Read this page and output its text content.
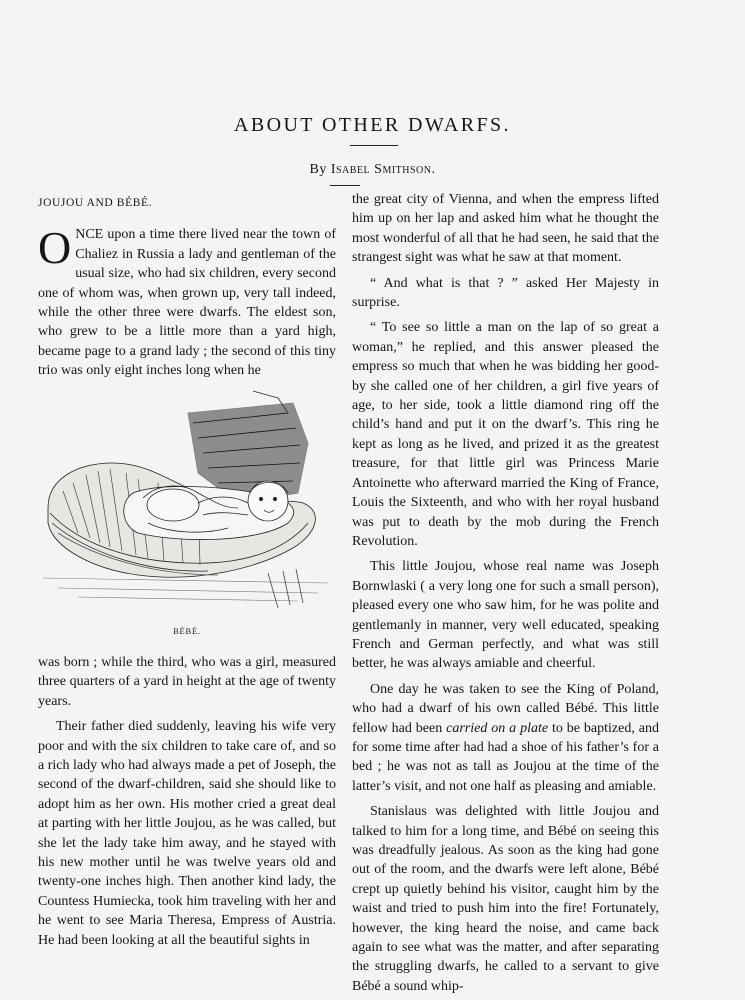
ABOUT OTHER DWARFS.
By Isabel Smithson.

JOUJOU AND BÉBÉ.

ONCE upon a time there lived near the town of Chaliez in Russia a lady and gentleman of the usual size, who had six children, every second one of whom was, when grown up, very tall indeed, while the other three were dwarfs. The eldest son, who grew to be a little more than a yard high, became page to a grand lady ; the second of this tiny trio was only eight inches long when he

BÉBÉ.

was born ; while the third, who was a girl, measured three quarters of a yard in height at the age of twenty years.

Their father died suddenly, leaving his wife very poor and with the six children to take care of, and so a rich lady who had always made a pet of Joseph, the second of the dwarf-children, said she should like to adopt him as her own. His mother cried a great deal at parting with her little Joujou, as he was called, but she let the lady take him away, and he stayed with his new mother until he was twelve years old and twenty-one inches high. Then another kind lady, the Countess Humiecka, took him traveling with her and he went to see Maria Theresa, Empress of Austria. He had been looking at all the beautiful sights in

the great city of Vienna, and when the empress lifted him up on her lap and asked him what he thought the most wonderful of all that he had seen, he said that the strangest sight was what he saw at that moment.

“ And what is that ? ” asked Her Majesty in surprise.

“ To see so little a man on the lap of so great a woman,” he replied, and this answer pleased the empress so much that when he was bidding her good-by she called one of her children, a girl five years of age, to her side, took a little diamond ring off the child’s hand and put it on the dwarf’s. This ring he kept as long as he lived, and prized it as the greatest treasure, for that little girl was Princess Marie Antoinette who afterward married the King of France, Louis the Sixteenth, and who with her royal husband was put to death by the mob during the French Revolution.

This little Joujou, whose real name was Joseph Bornwlaski ( a very long one for such a small person), pleased every one who saw him, for he was polite and gentlemanly in manner, very well educated, speaking French and German perfectly, and what was still better, he was always amiable and cheerful.

One day he was taken to see the King of Poland, who had a dwarf of his own called Bébé. This little fellow had been carried on a plate to be baptized, and for some time after had had a shoe of his father’s for a bed ; he was not as tall as Joujou at the time of the latter’s visit, and not one half as pleasing and amiable.

Stanislaus was delighted with little Joujou and talked to him for a long time, and Bébé on seeing this was dreadfully jealous. As soon as the king had gone out of the room, and the dwarfs were left alone, Bébé crept up quietly behind his visitor, caught him by the waist and tried to push him into the fire! Fortunately, however, the king heard the noise, and came back again to see what was the matter, and after separating the struggling dwarfs, he called to a servant to give Bébé a sound whip-
